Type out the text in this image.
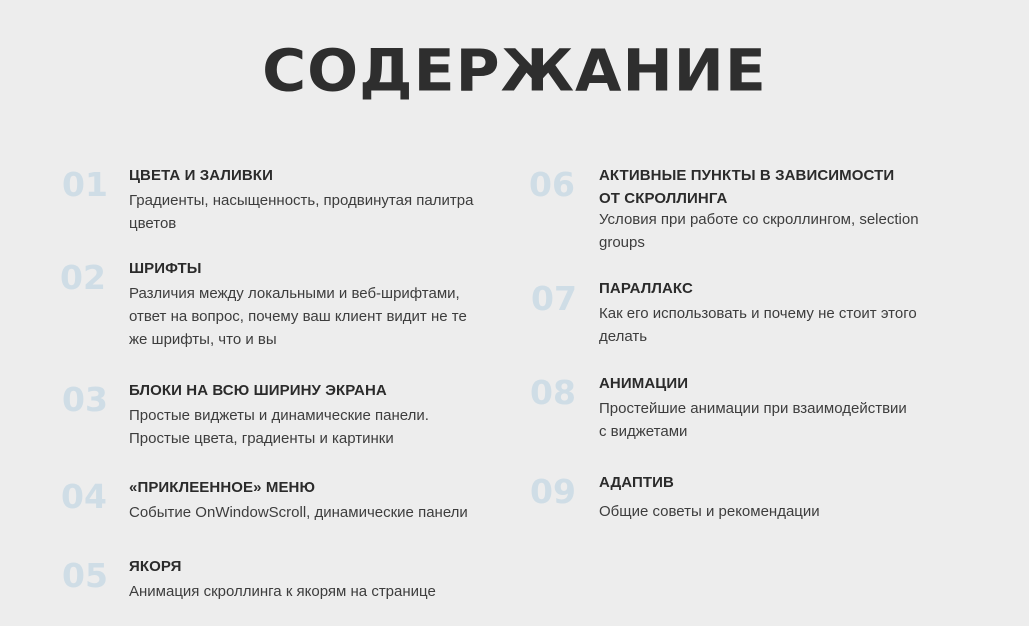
СОДЕРЖАНИЕ
01 ЦВЕТА И ЗАЛИВКИ
Градиенты, насыщенность, продвинутая палитра
цветов
02 ШРИФТЫ
Различия между локальными и веб-шрифтами,
ответ на вопрос, почему ваш клиент видит не те
же шрифты, что и вы
03 БЛОКИ НА ВСЮ ШИРИНУ ЭКРАНА
Простые виджеты и динамические панели.
Простые цвета, градиенты и картинки
04 «ПРИКЛЕЕННОЕ» МЕНЮ
Событие OnWindowScroll, динамические панели
05 ЯКОРЯ
Анимация скроллинга к якорям на странице
06 АКТИВНЫЕ ПУНКТЫ В ЗАВИСИМОСТИ
ОТ СКРОЛЛИНГА
Условия при работе со скроллингом, selection
groups
07 ПАРАЛЛАКС
Как его использовать и почему не стоит этого
делать
08 АНИМАЦИИ
Простейшие анимации при взаимодействии
с виджетами
09 АДАПТИВ
Общие советы и рекомендации
